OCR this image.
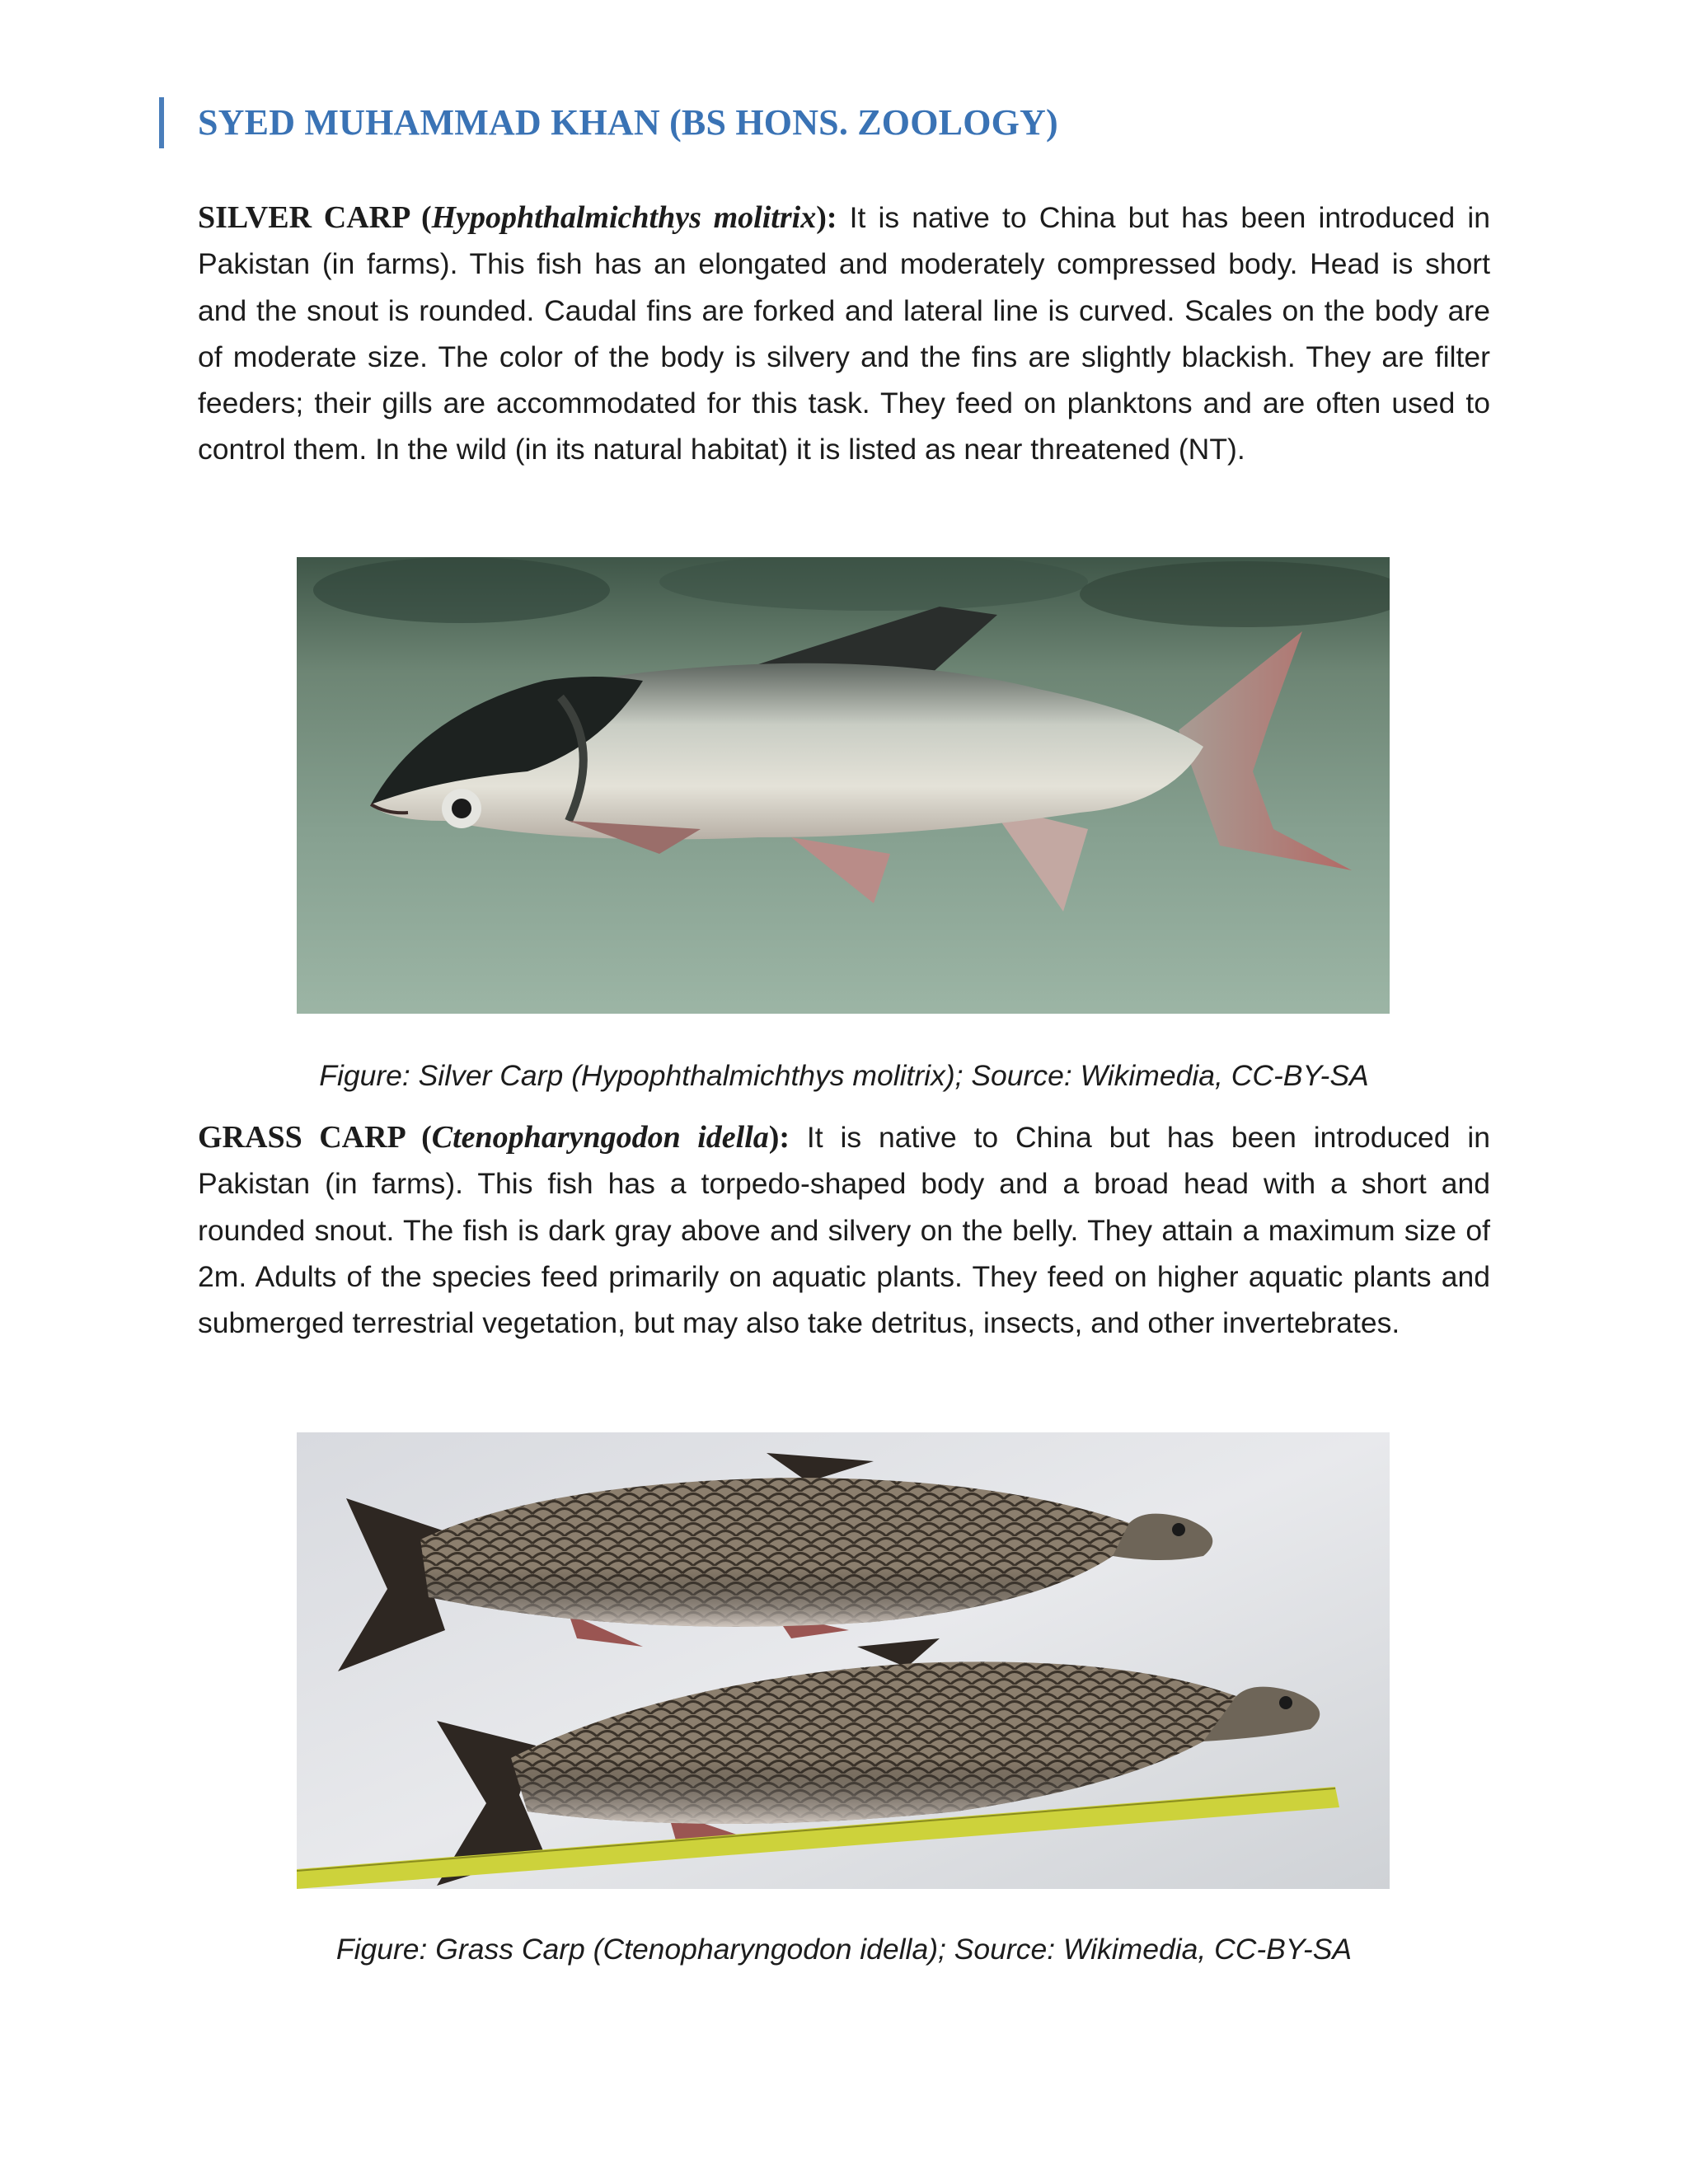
SYED MUHAMMAD KHAN (BS HONS. ZOOLOGY)
SILVER CARP (Hypophthalmichthys molitrix): It is native to China but has been introduced in Pakistan (in farms). This fish has an elongated and moderately compressed body. Head is short and the snout is rounded. Caudal fins are forked and lateral line is curved. Scales on the body are of moderate size. The color of the body is silvery and the fins are slightly blackish. They are filter feeders; their gills are accommodated for this task. They feed on planktons and are often used to control them. In the wild (in its natural habitat) it is listed as near threatened (NT).
Figure: Silver Carp (Hypophthalmichthys molitrix); Source: Wikimedia, CC-BY-SA
GRASS CARP (Ctenopharyngodon idella): It is native to China but has been introduced in Pakistan (in farms). This fish has a torpedo-shaped body and a broad head with a short and rounded snout. The fish is dark gray above and silvery on the belly. They attain a maximum size of 2m. Adults of the species feed primarily on aquatic plants. They feed on higher aquatic plants and submerged terrestrial vegetation, but may also take detritus, insects, and other invertebrates.
Figure: Grass Carp (Ctenopharyngodon idella); Source: Wikimedia, CC-BY-SA
